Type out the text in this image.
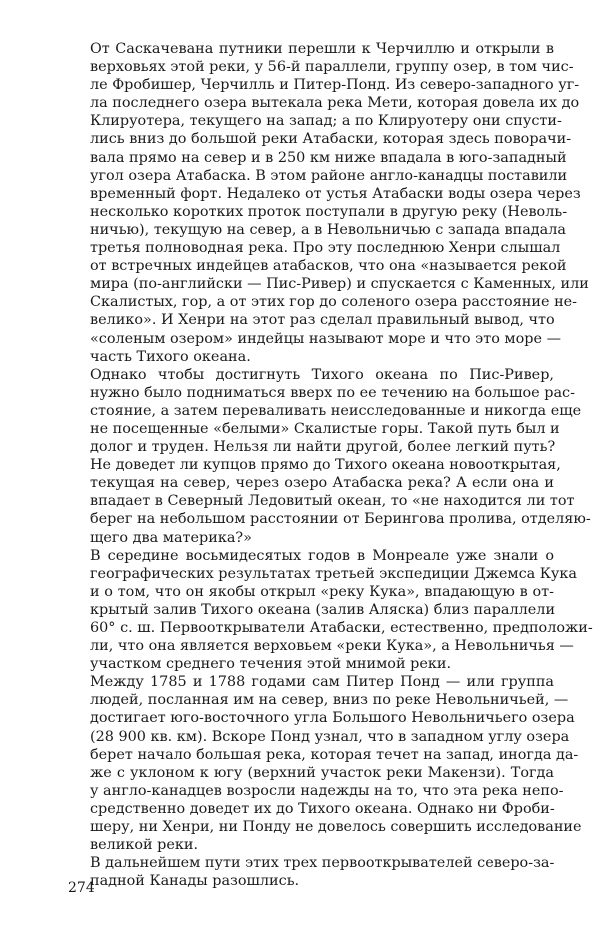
От Саскачевана путники перешли к Черчиллю и открыли в
верховьях этой реки, у 56-й параллели, группу озер, в том чис-
ле Фробишер, Черчилль и Питер-Понд. Из северо-западного уг-
ла последнего озера вытекала река Мети, которая довела их до
Клируотера, текущего на запад; а по Клируотеру они спусти-
лись вниз до большой реки Атабаски, которая здесь поворачи-
вала прямо на север и в 250 км ниже впадала в юго-западный
угол озера Атабаска. В этом районе англо-канадцы поставили
временный форт. Недалеко от устья Атабаски воды озера через
несколько коротких проток поступали в другую реку (Неволь-
ничью), текущую на север, а в Невольничью с запада впадала
третья полноводная река. Про эту последнюю Хенри слышал
от встречных индейцев атабасков, что она «называется рекой
мира (по-английски — Пис-Ривер) и спускается с Каменных, или
Скалистых, гор, а от этих гор до соленого озера расстояние не-
велико». И Хенри на этот раз сделал правильный вывод, что
«соленым озером» индейцы называют море и что это море —
часть Тихого океана.
Однако чтобы достигнуть Тихого океана по Пис-Ривер,
нужно было подниматься вверх по ее течению на большое рас-
стояние, а затем переваливать неисследованные и никогда еще
не посещенные «белыми» Скалистые горы. Такой путь был и
долог и труден. Нельзя ли найти другой, более легкий путь?
Не доведет ли купцов прямо до Тихого океана новооткрытая,
текущая на север, через озеро Атабаска река? А если она и
впадает в Северный Ледовитый океан, то «не находится ли тот
берег на небольшом расстоянии от Берингова пролива, отделяю-
щего два материка?»
В середине восьмидесятых годов в Монреале уже знали о
географических результатах третьей экспедиции Джемса Кука
и о том, что он якобы открыл «реку Кука», впадающую в от-
крытый залив Тихого океана (залив Аляска) близ параллели
60° с. ш. Первооткрыватели Атабаски, естественно, предположи-
ли, что она является верховьем «реки Кука», а Невольничья —
участком среднего течения этой мнимой реки.
Между 1785 и 1788 годами сам Питер Понд — или группа
людей, посланная им на север, вниз по реке Невольничьей, —
достигает юго-восточного угла Большого Невольничьего озера
(28 900 кв. км). Вскоре Понд узнал, что в западном углу озера
берет начало большая река, которая течет на запад, иногда да-
же с уклоном к югу (верхний участок реки Макензи). Тогда
у англо-канадцев возросли надежды на то, что эта река непо-
средственно доведет их до Тихого океана. Однако ни Фроби-
шеру, ни Хенри, ни Понду не довелось совершить исследование
великой реки.
В дальнейшем пути этих трех первооткрывателей северо-за-
падной Канады разошлись.
274
